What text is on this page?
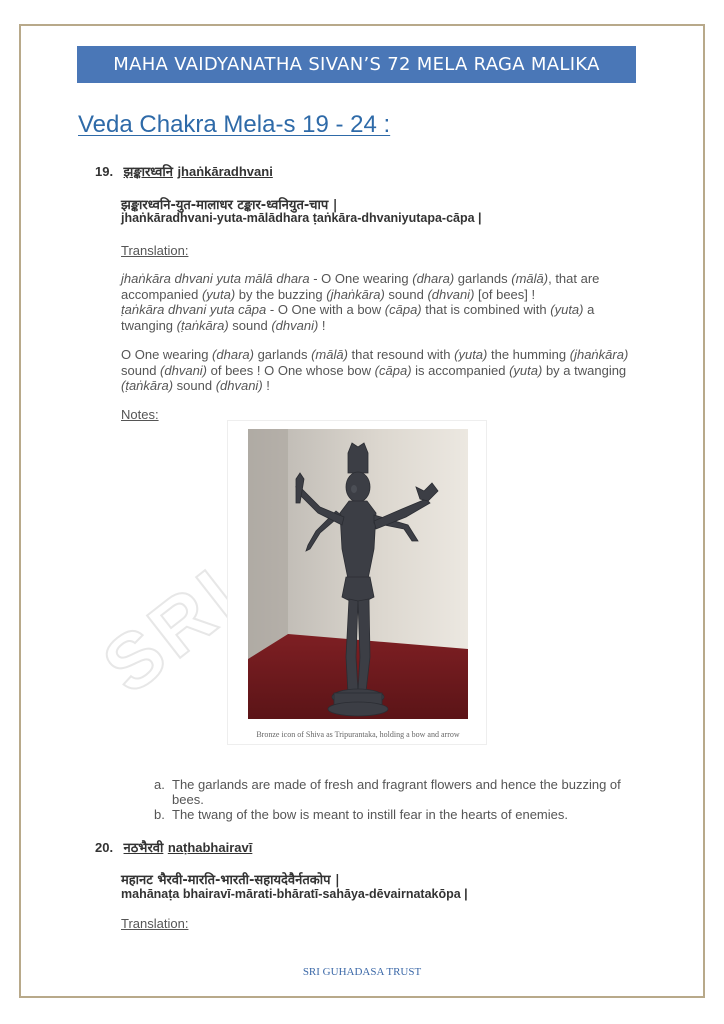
MAHA VAIDYANATHA SIVAN’S 72 MELA RAGA MALIKA
Veda Chakra Mela-s 19 - 24 :
19. झङ्कारध्वनि jhaṅkāradhvani
झङ्कारध्वनि-युत-मालाधर टङ्कार-ध्वनियुत-चाप |
jhaṅkāradhvani-yuta-mālādhara ṭaṅkāra-dhvaniyutapa-cāpa |
Translation:
jhaṅkāra dhvani yuta mālā dhara - O One wearing (dhara) garlands (mālā), that are accompanied (yuta) by the buzzing (jhaṅkāra) sound (dhvani) [of bees] !
ṭaṅkāra dhvani yuta cāpa - O One with a bow (cāpa) that is combined with (yuta) a twanging (ṭaṅkāra) sound (dhvani) !
O One wearing (dhara) garlands (mālā) that resound with (yuta) the humming (jhaṅkāra) sound (dhvani) of bees ! O One whose bow (cāpa) is accompanied (yuta) by a twanging (ṭaṅkāra) sound (dhvani) !
Notes:
SRI
Bronze icon of Shiva as Tripurantaka, holding a bow and arrow
a. The garlands are made of fresh and fragrant flowers and hence the buzzing of bees.
b. The twang of the bow is meant to instill fear in the hearts of enemies.
20. नठभैरवी naṭhabhairavī
महानट भैरवी-मारति-भारती-सहायदेवैर्नतकोप |
mahānaṭa bhairavī-mārati-bhāratī-sahāya-dēvairnatakōpa |
Translation:
SRI GUHADASA TRUST
